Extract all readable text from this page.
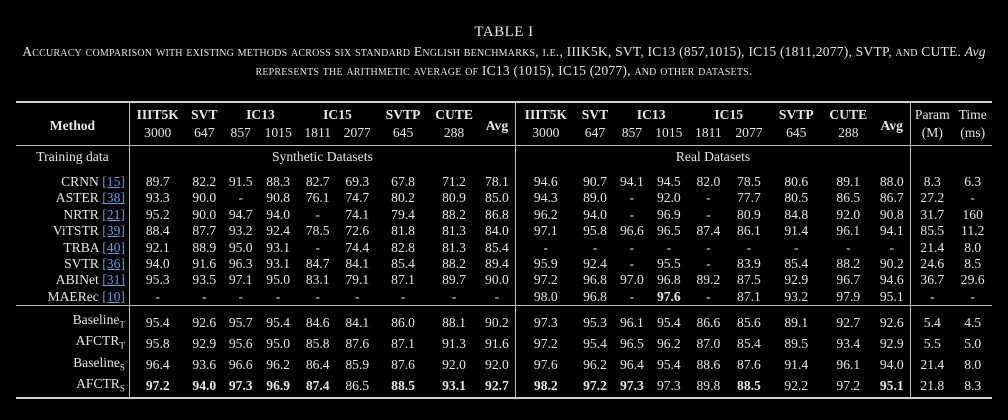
TABLE I
Accuracy comparison with existing methods across six standard English benchmarks, i.e., IIIK5K, SVT, IC13 (857,1015), IC15 (1811,2077), SVTP, and CUTE. Avg represents the arithmetic average of IC13 (1015), IC15 (2077), and other datasets.
Method	IIIT5K	SVT	IC13		IC15		SVTP	CUTE	Avg	IIIT5K	SVT	IC13		IC15		SVTP	CUTE	Avg	Param	Time
	3000	647	857	1015	1811	2077	645	288		3000	647	857	1015	1811	2077	645	288		(M)	(ms)
Training data	Synthetic Datasets									Real Datasets										
CRNN [15]	89.7	82.2	91.5	88.3	82.7	69.3	67.8	71.2	78.1	94.6	90.7	94.1	94.5	82.0	78.5	80.6	89.1	88.0	8.3	6.3
ASTER [38]	93.3	90.0	-	90.8	76.1	74.7	80.2	80.9	85.0	94.3	89.0	-	92.0	-	77.7	80.5	86.5	86.7	27.2	-
NRTR [21]	95.2	90.0	94.7	94.0	-	74.1	79.4	88.2	86.8	96.2	94.0	-	96.9	-	80.9	84.8	92.0	90.8	31.7	160
ViTSTR [39]	88.4	87.7	93.2	92.4	78.5	72.6	81.8	81.3	84.0	97.1	95.8	96.6	96.5	87.4	86.1	91.4	96.1	94.1	85.5	11.2
TRBA [40]	92.1	88.9	95.0	93.1	-	74.4	82.8	81.3	85.4	-	-	-	-	-	-	-	-	-	21.4	8.0
SVTR [36]	94.0	91.6	96.3	93.1	84.7	84.1	85.4	88.2	89.4	95.9	92.4	-	95.5	-	83.9	85.4	88.2	90.2	24.6	8.5
ABINet [31]	95.3	93.5	97.1	95.0	83.1	79.1	87.1	89.7	90.0	97.2	96.8	97.0	96.8	89.2	87.5	92.9	96.7	94.6	36.7	29.6
MAERec [10]	-	-	-	-	-	-	-	-	-	98.0	96.8	-	97.6	-	87.1	93.2	97.9	95.1	-	-
Baseline$_T$	95.4	92.6	95.7	95.4	84.6	84.1	86.0	88.1	90.2	97.3	95.3	96.1	95.4	86.6	85.6	89.1	92.7	92.6	5.4	4.5
$AFCTR_T$	95.8	92.9	95.6	95.0	85.8	87.6	87.1	91.3	91.6	97.2	95.4	96.5	96.2	87.0	85.4	89.5	93.4	92.9	5.5	5.0
Baseline$_S$	96.4	93.6	96.6	96.2	86.4	85.9	87.6	92.0	92.0	97.6	96.2	96.4	95.4	88.6	87.6	91.4	96.1	94.0	21.4	8.0
$AFCTR_S$	97.2	94.0	97.3	96.9	87.4	86.5	88.5	93.1	92.7	98.2	97.2	97.3	97.3	89.8	88.5	92.2	97.2	95.1	21.8	8.3
